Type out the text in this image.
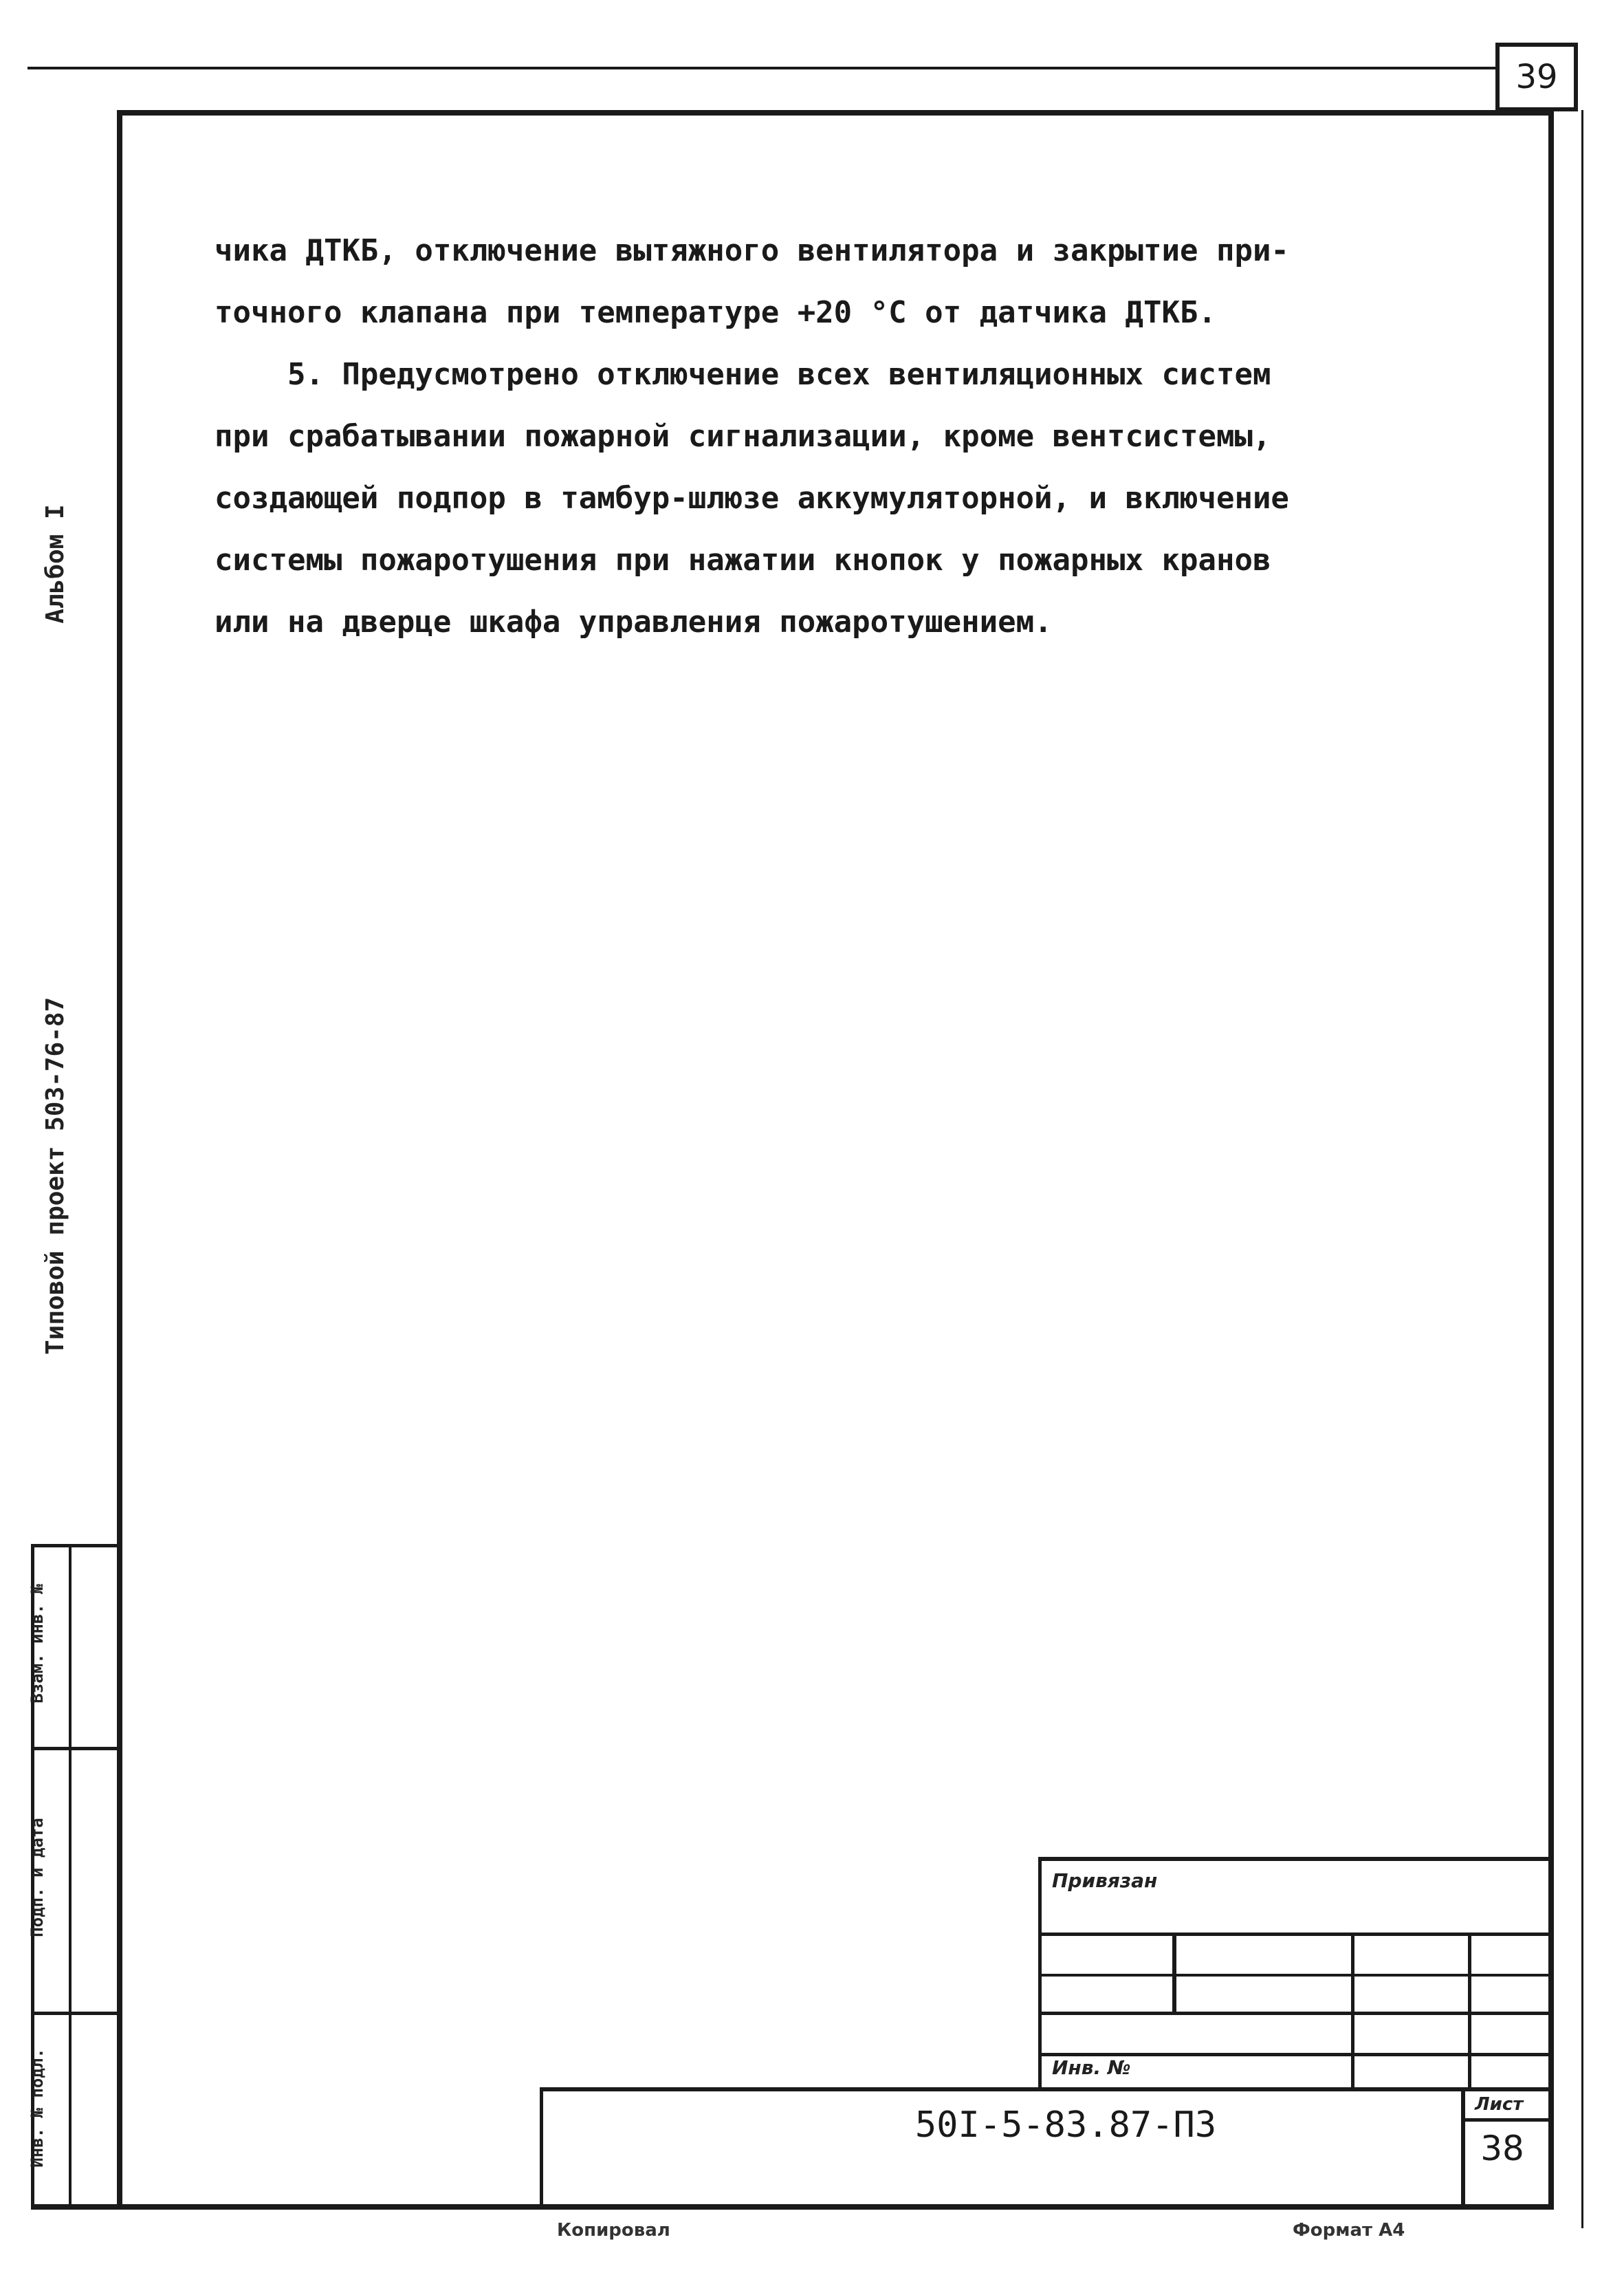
39

чика ДТКБ, отключение вытяжного вентилятора и закрытие при-

точного клапана при температуре +20 °С от датчика ДТКБ.

5. Предусмотрено отключение всех вентиляционных систем

при срабатывании пожарной сигнализации, кроме вентсистемы,

создающей подпор в тамбур-шлюзе аккумуляторной, и включение

системы пожаротушения при нажатии кнопок у пожарных кранов

или на дверце шкафа управления пожаротушением.

Альбом I
Типовой проект 503-76-87
Взам. инв. №
Подп. и дата
Инв. № подл.
Привязан
Инв. №
Лист
50I-5-83.87-ПЗ
38
Копировал	Формат А4
